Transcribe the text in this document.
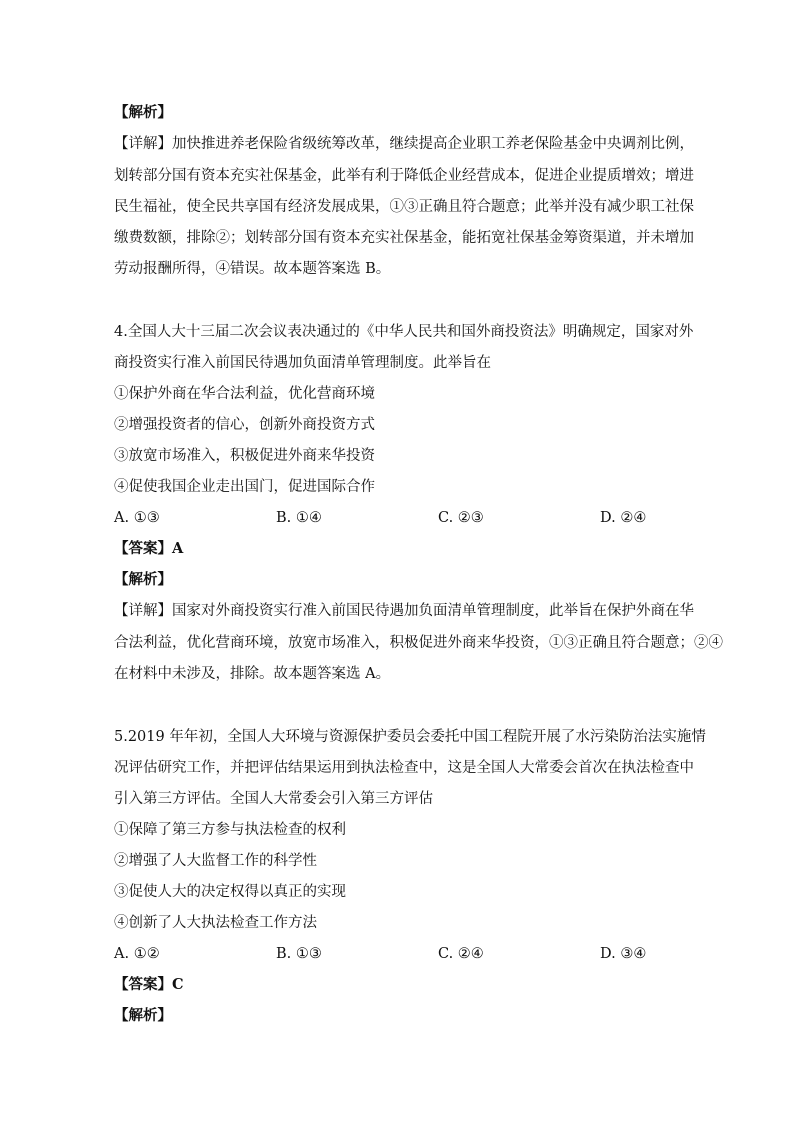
【解析】
【详解】加快推进养老保险省级统筹改革，继续提高企业职工养老保险基金中央调剂比例，
划转部分国有资本充实社保基金，此举有利于降低企业经营成本，促进企业提质增效；增进
民生福祉，使全民共享国有经济发展成果，①③正确且符合题意；此举并没有减少职工社保
缴费数额，排除②；划转部分国有资本充实社保基金，能拓宽社保基金筹资渠道，并未增加
劳动报酬所得，④错误。故本题答案选 B。
4.全国人大十三届二次会议表决通过的《中华人民共和国外商投资法》明确规定，国家对外
商投资实行准入前国民待遇加负面清单管理制度。此举旨在
①保护外商在华合法利益，优化营商环境
②增强投资者的信心，创新外商投资方式
③放宽市场准入，积极促进外商来华投资
④促使我国企业走出国门，促进国际合作
A. ①③	B. ①④	C. ②③	D. ②④
【答案】A
【解析】
【详解】国家对外商投资实行准入前国民待遇加负面清单管理制度，此举旨在保护外商在华
合法利益，优化营商环境，放宽市场准入，积极促进外商来华投资，①③正确且符合题意；②④
在材料中未涉及，排除。故本题答案选 A。
5.2019 年年初，全国人大环境与资源保护委员会委托中国工程院开展了水污染防治法实施情
况评估研究工作，并把评估结果运用到执法检查中，这是全国人大常委会首次在执法检查中
引入第三方评估。全国人大常委会引入第三方评估
①保障了第三方参与执法检查的权利
②增强了人大监督工作的科学性
③促使人大的决定权得以真正的实现
④创新了人大执法检查工作方法
A. ①②	B. ①③	C. ②④	D. ③④
【答案】C
【解析】
